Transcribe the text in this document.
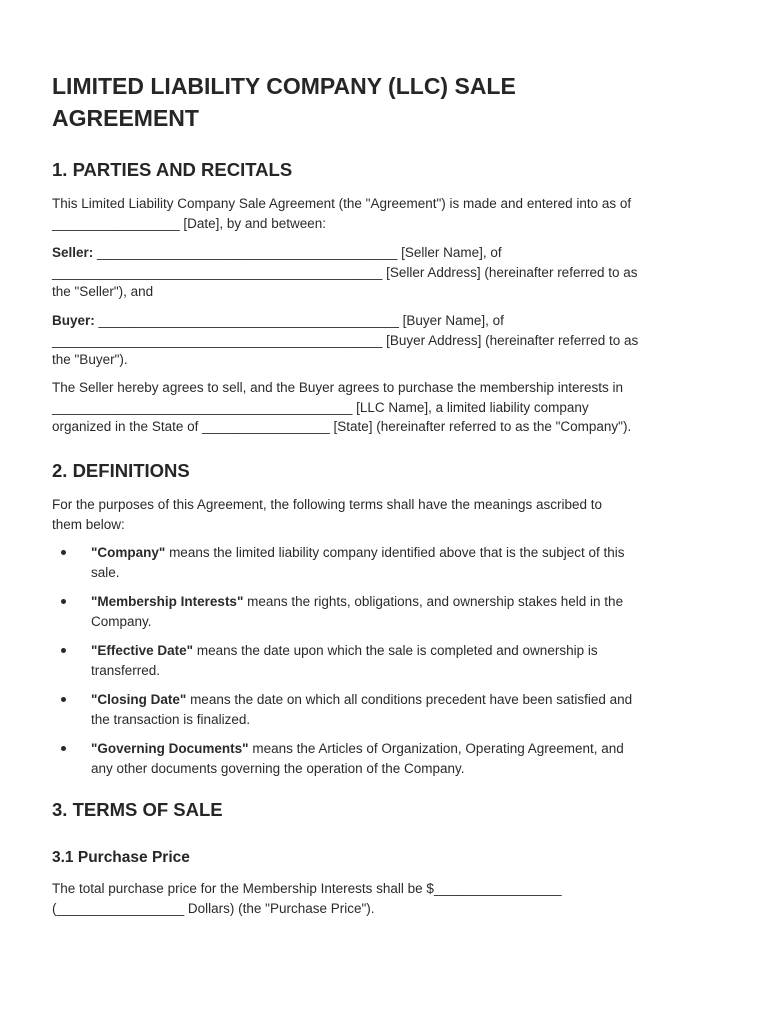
LIMITED LIABILITY COMPANY (LLC) SALE
AGREEMENT
1. PARTIES AND RECITALS

This Limited Liability Company Sale Agreement (the "Agreement") is made and entered into as of
_________________ [Date], by and between:

Seller: ________________________________________ [Seller Name], of
____________________________________________ [Seller Address] (hereinafter referred to as
the "Seller"), and

Buyer: ________________________________________ [Buyer Name], of
____________________________________________ [Buyer Address] (hereinafter referred to as
the "Buyer").

The Seller hereby agrees to sell, and the Buyer agrees to purchase the membership interests in
________________________________________ [LLC Name], a limited liability company
organized in the State of _________________ [State] (hereinafter referred to as the "Company").

2. DEFINITIONS

For the purposes of this Agreement, the following terms shall have the meanings ascribed to
them below:

"Company" means the limited liability company identified above that is the subject of this
sale.
"Membership Interests" means the rights, obligations, and ownership stakes held in the
Company.
"Effective Date" means the date upon which the sale is completed and ownership is
transferred.
"Closing Date" means the date on which all conditions precedent have been satisfied and
the transaction is finalized.
"Governing Documents" means the Articles of Organization, Operating Agreement, and
any other documents governing the operation of the Company.
3. TERMS OF SALE
3.1 Purchase Price

The total purchase price for the Membership Interests shall be $_________________
(_________________ Dollars) (the "Purchase Price").
